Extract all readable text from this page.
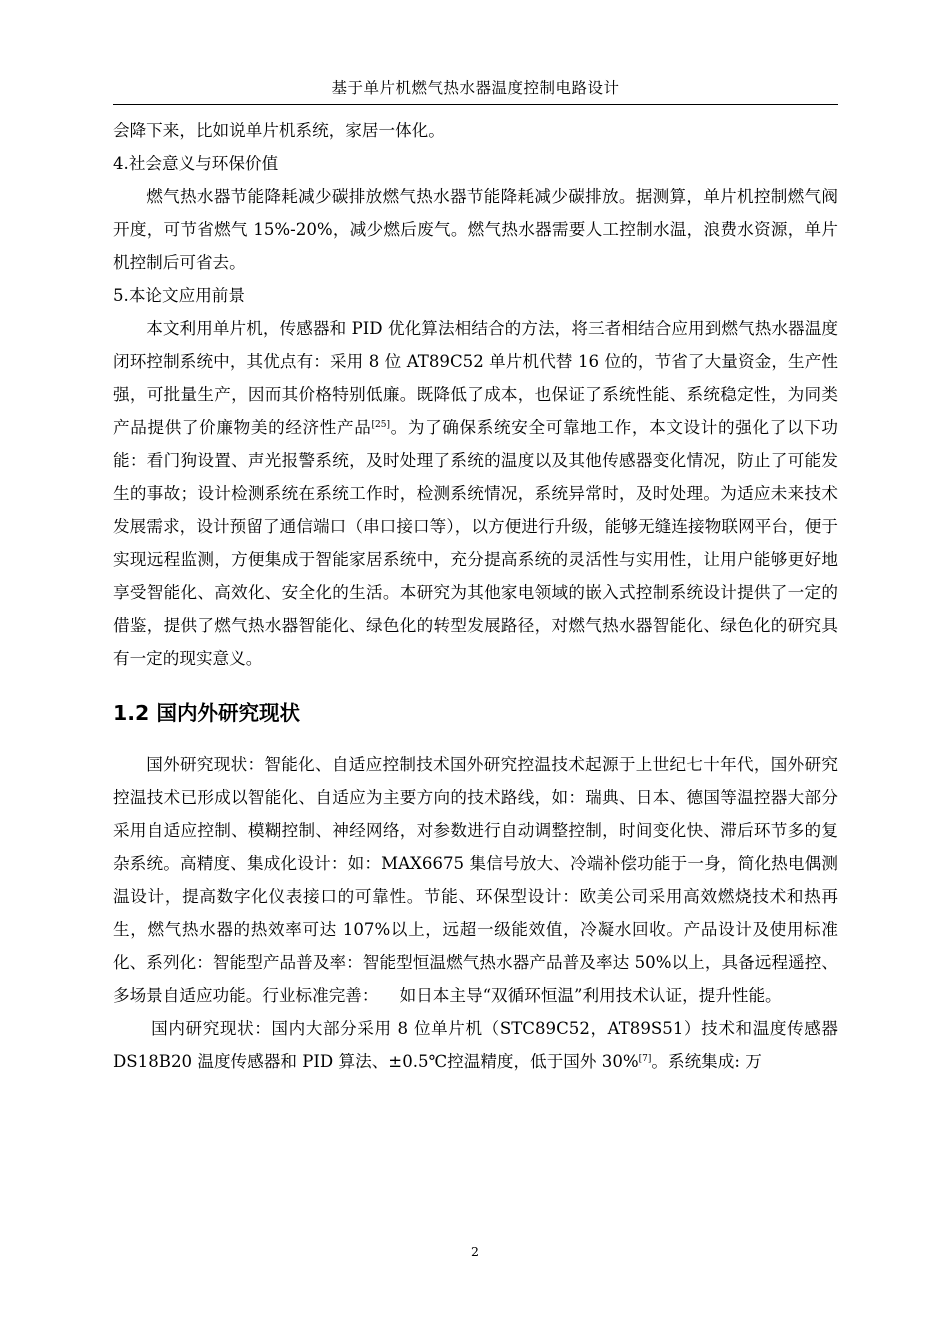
基于单片机燃气热水器温度控制电路设计

会降下来，比如说单片机系统，家居一体化。

4.社会意义与环保价值

燃气热水器节能降耗减少碳排放燃气热水器节能降耗减少碳排放。据测算，单片机控制燃气阀开度，可节省燃气 15%-20%，减少燃后废气。燃气热水器需要人工控制水温，浪费水资源，单片机控制后可省去。

5.本论文应用前景

本文利用单片机，传感器和 PID 优化算法相结合的方法，将三者相结合应用到燃气热水器温度闭环控制系统中，其优点有：采用 8 位 AT89C52 单片机代替 16 位的，节省了大量资金，生产性强，可批量生产，因而其价格特别低廉。既降低了成本，也保证了系统性能、系统稳定性，为同类产品提供了价廉物美的经济性产品[25]。为了确保系统安全可靠地工作，本文设计的强化了以下功能：看门狗设置、声光报警系统，及时处理了系统的温度以及其他传感器变化情况，防止了可能发生的事故；设计检测系统在系统工作时，检测系统情况，系统异常时，及时处理。为适应未来技术发展需求，设计预留了通信端口（串口接口等），以方便进行升级，能够无缝连接物联网平台，便于实现远程监测，方便集成于智能家居系统中，充分提高系统的灵活性与实用性，让用户能够更好地享受智能化、高效化、安全化的生活。本研究为其他家电领域的嵌入式控制系统设计提供了一定的借鉴，提供了燃气热水器智能化、绿色化的转型发展路径，对燃气热水器智能化、绿色化的研究具有一定的现实意义。

1.2 国内外研究现状

国外研究现状：智能化、自适应控制技术国外研究控温技术起源于上世纪七十年代，国外研究控温技术已形成以智能化、自适应为主要方向的技术路线，如：瑞典、日本、德国等温控器大部分采用自适应控制、模糊控制、神经网络，对参数进行自动调整控制，时间变化快、滞后环节多的复杂系统。高精度、集成化设计：如：MAX6675 集信号放大、冷端补偿功能于一身，简化热电偶测温设计，提高数字化仪表接口的可靠性。节能、环保型设计：欧美公司采用高效燃烧技术和热再生，燃气热水器的热效率可达 107%以上，远超一级能效值，冷凝水回收。产品设计及使用标准化、系列化：智能型产品普及率：智能型恒温燃气热水器产品普及率达 50%以上，具备远程遥控、多场景自适应功能。行业标准完善：    如日本主导“双循环恒温”利用技术认证，提升性能。

国内研究现状：国内大部分采用 8 位单片机（STC89C52，AT89S51）技术和温度传感器 DS18B20 温度传感器和 PID 算法、±0.5℃控温精度，低于国外 30%[7]。系统集成: 万

2
